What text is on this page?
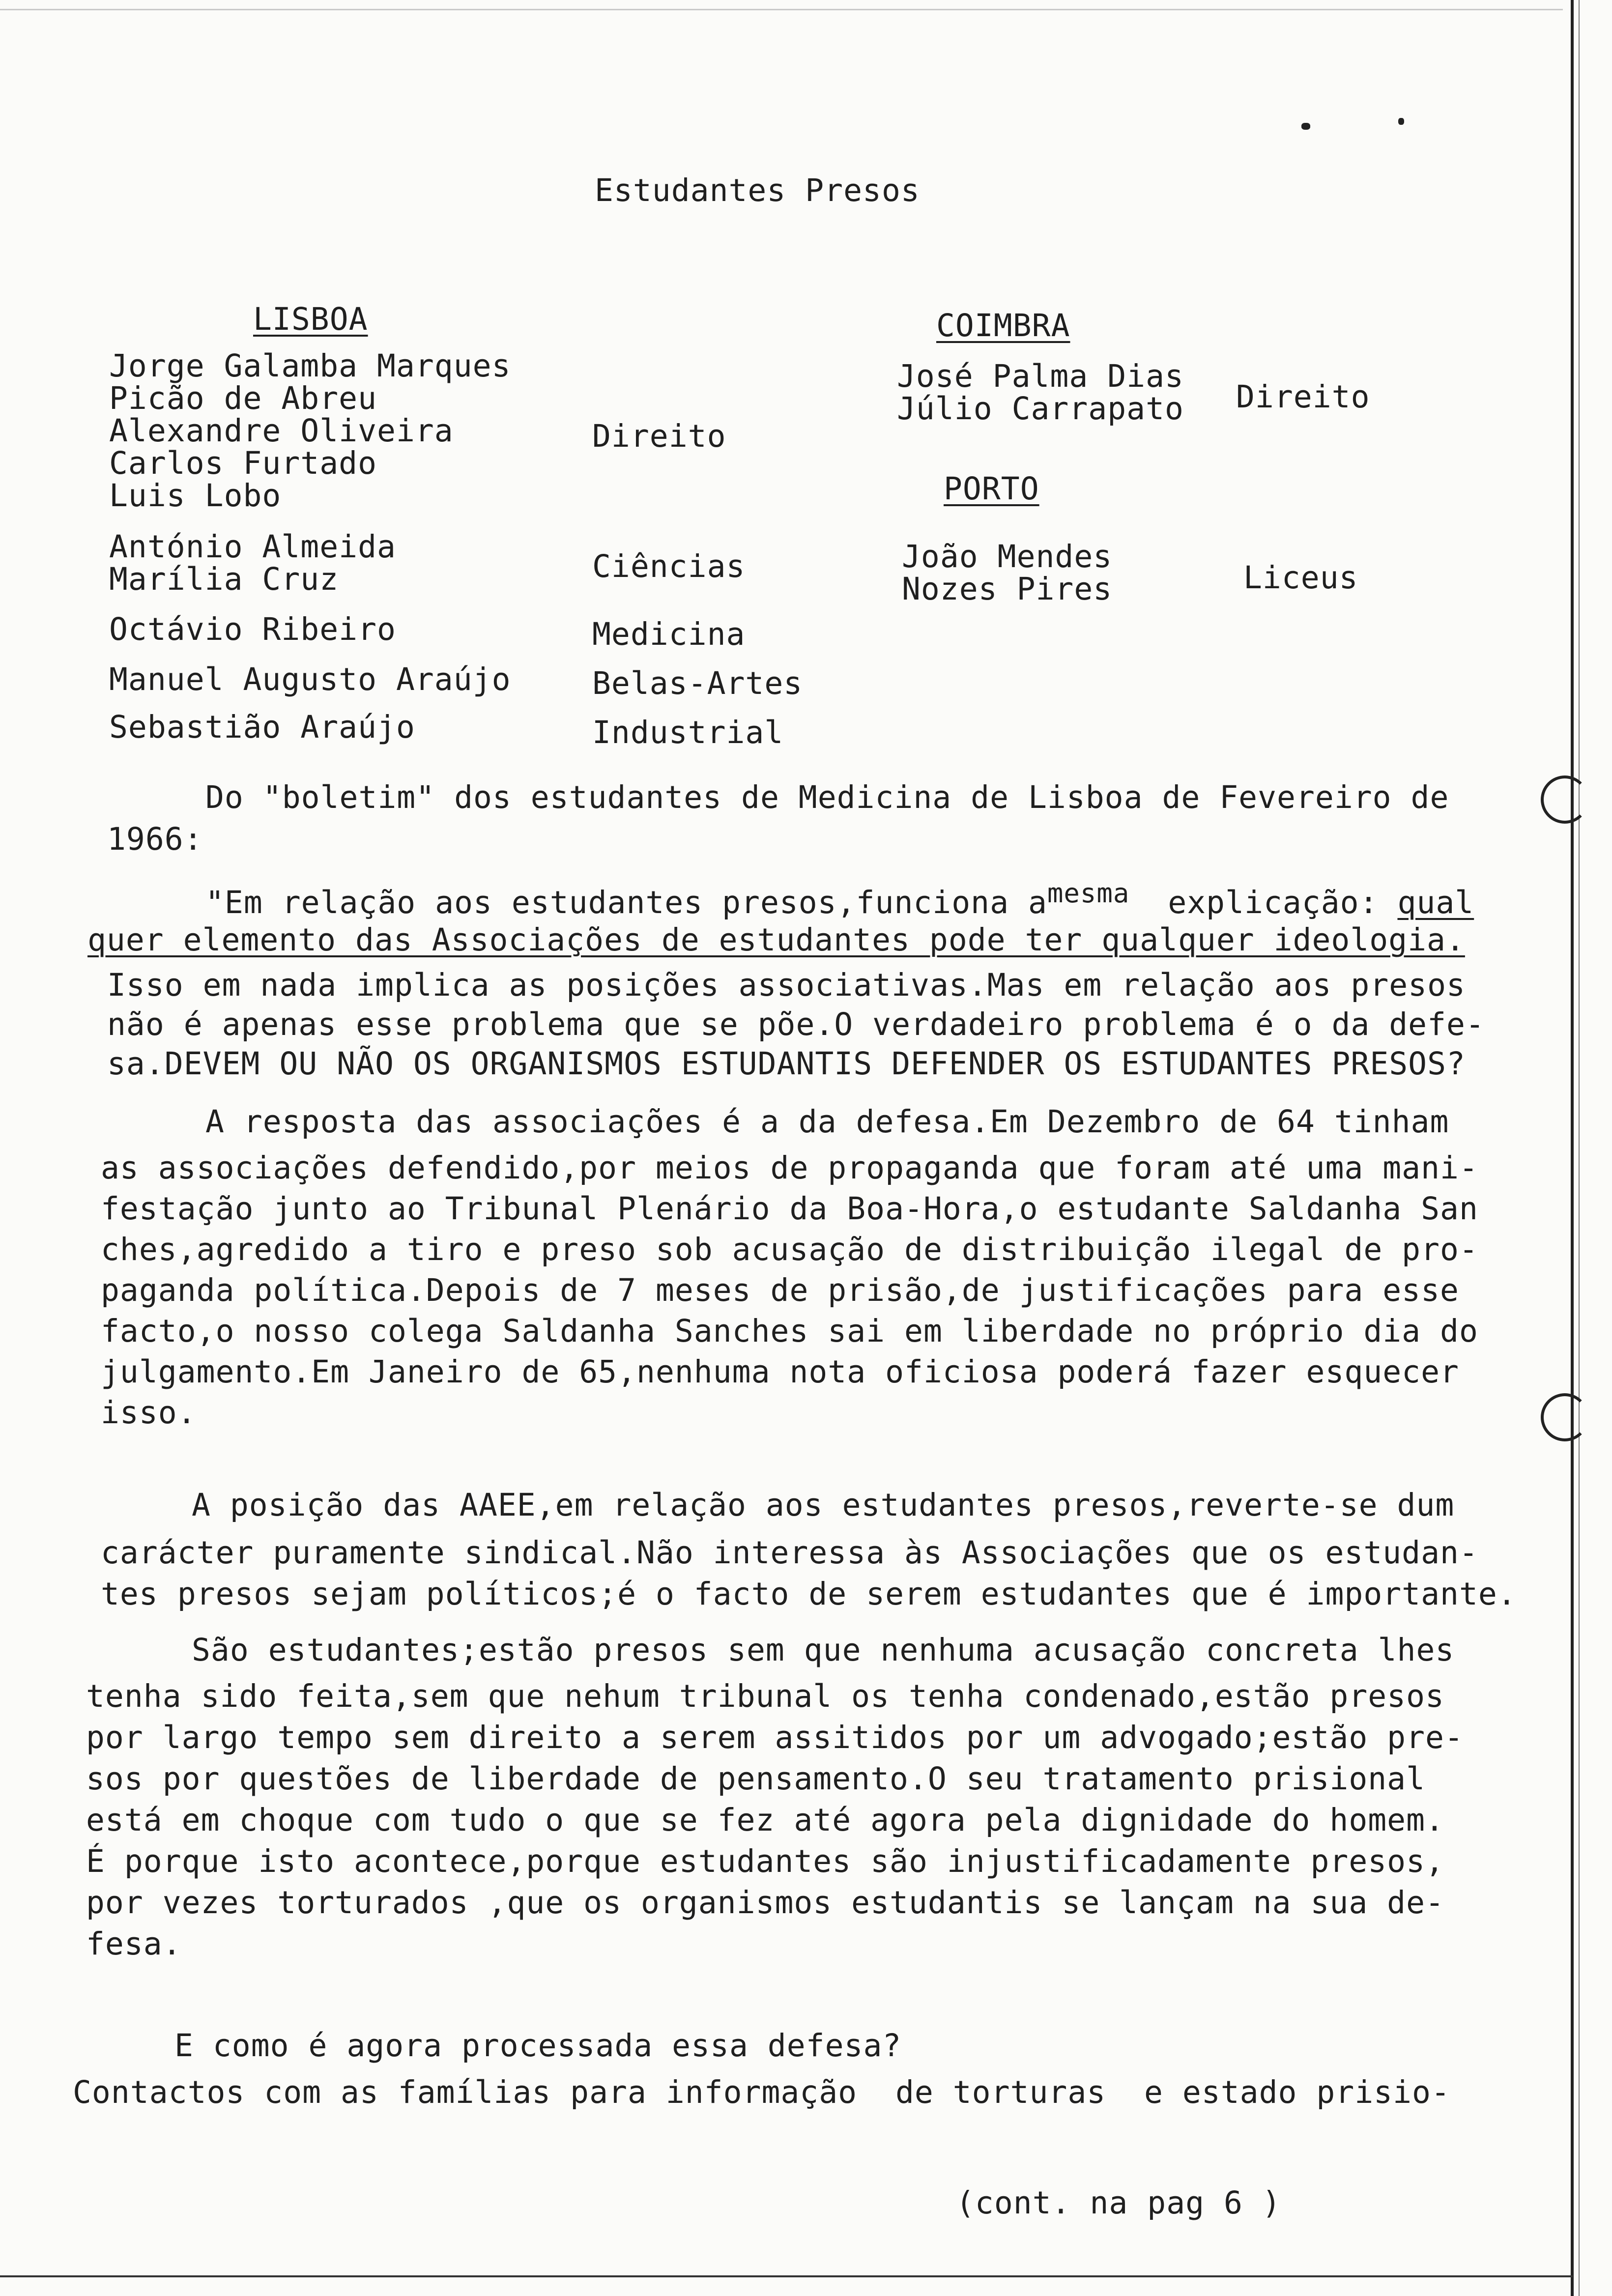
Estudantes Presos

LISBOA

Jorge Galamba Marques
Picão de Abreu
Alexandre Oliveira
Carlos Furtado
Luis Lobo

Direito

António Almeida
Marília Cruz	Ciências

Octávio Ribeiro	Medicina

Manuel Augusto Araújo	Belas-Artes

Sebastião Araújo	Industrial

COIMBRA

José Palma Dias
Júlio Carrapato Direito

PORTO

João Mendes
Nozes Pires	Liceus

Do "boletim" dos estudantes de Medicina de Lisboa de Fevereiro de

1966:

"Em relação aos estudantes presos,funciona amesma explicação: qual

quer elemento das Associações de estudantes pode ter qualquer ideologia.

Isso em nada implica as posições associativas.Mas em relação aos presos
não é apenas esse problema que se põe.O verdadeiro problema é o da defe-
sa.DEVEM OU NÃO OS ORGANISMOS ESTUDANTIS DEFENDER OS ESTUDANTES PRESOS?

A resposta das associações é a da defesa.Em Dezembro de 64 tinham

as associações defendido,por meios de propaganda que foram até uma mani-
festação junto ao Tribunal Plenário da Boa-Hora,o estudante Saldanha San
ches,agredido a tiro e preso sob acusação de distribuição ilegal de pro-
paganda política.Depois de 7 meses de prisão,de justificações para esse
facto,o nosso colega Saldanha Sanches sai em liberdade no próprio dia do
julgamento.Em Janeiro de 65,nenhuma nota oficiosa poderá fazer esquecer
isso.

A posição das AAEE,em relação aos estudantes presos,reverte-se dum

carácter puramente sindical.Não interessa às Associações que os estudan-
tes presos sejam políticos;é o facto de serem estudantes que é importante.

São estudantes;estão presos sem que nenhuma acusação concreta lhes

tenha sido feita,sem que nehum tribunal os tenha condenado,estão presos
por largo tempo sem direito a serem assitidos por um advogado;estão pre-
sos por questões de liberdade de pensamento.O seu tratamento prisional
está em choque com tudo o que se fez até agora pela dignidade do homem.
É porque isto acontece,porque estudantes são injustificadamente presos,
por vezes torturados ,que os organismos estudantis se lançam na sua de-
fesa.

E como é agora processada essa defesa?

Contactos com as famílias para informação  de torturas  e estado prisio-

(cont. na pag 6 )
